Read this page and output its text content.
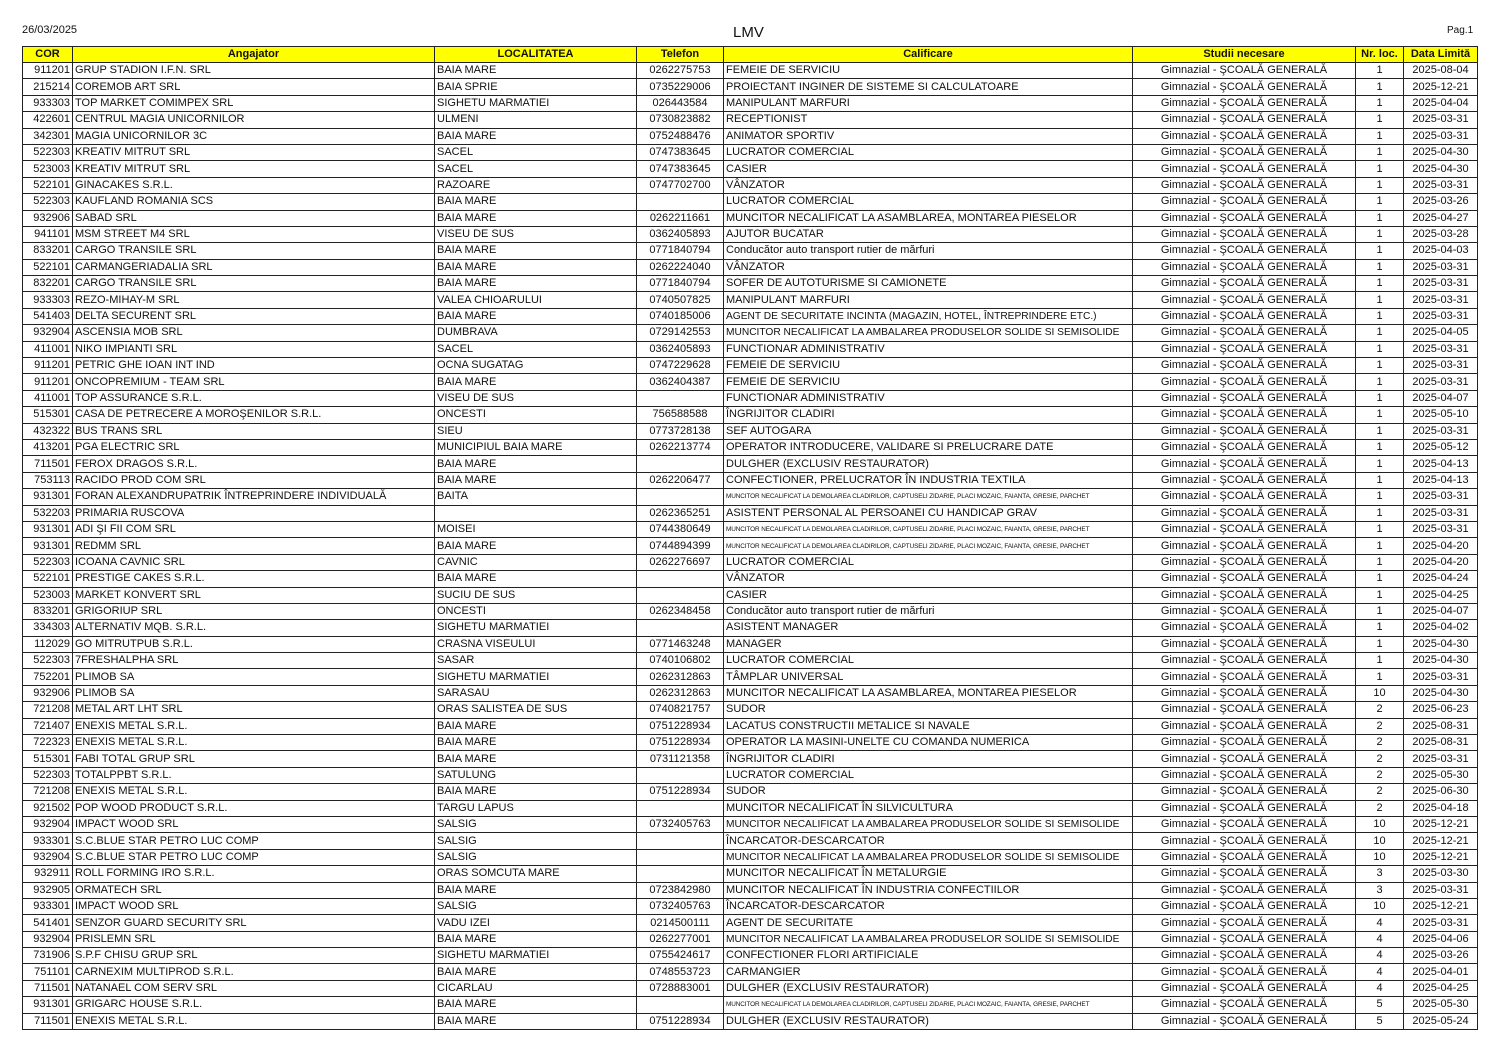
26/03/2025	LMV	Pag.1
COR	Angajator	LOCALITATEA	Telefon	Calificare	Studii necesare	Nr. loc.	Data Limită
911201	GRUP STADION I.F.N. SRL	BAIA MARE	0262275753	FEMEIE DE SERVICIU	Gimnazial - ŞCOALĂ GENERALĂ	1	2025-08-04
215214	COREMOB ART SRL	BAIA SPRIE	0735229006	PROIECTANT INGINER DE SISTEME SI CALCULATOARE	Gimnazial - ŞCOALĂ GENERALĂ	1	2025-12-21
933303	TOP MARKET COMIMPEX SRL	SIGHETU MARMATIEI	026443584	MANIPULANT MARFURI	Gimnazial - ŞCOALĂ GENERALĂ	1	2025-04-04
422601	CENTRUL MAGIA UNICORNILOR	ULMENI	0730823882	RECEPTIONIST	Gimnazial - ŞCOALĂ GENERALĂ	1	2025-03-31
342301	MAGIA UNICORNILOR 3C	BAIA MARE	0752488476	ANIMATOR SPORTIV	Gimnazial - ŞCOALĂ GENERALĂ	1	2025-03-31
522303	KREATIV MITRUT SRL	SACEL	0747383645	LUCRATOR COMERCIAL	Gimnazial - ŞCOALĂ GENERALĂ	1	2025-04-30
523003	KREATIV MITRUT SRL	SACEL	0747383645	CASIER	Gimnazial - ŞCOALĂ GENERALĂ	1	2025-04-30
522101	GINACAKES S.R.L.	RAZOARE	0747702700	VÂNZATOR	Gimnazial - ŞCOALĂ GENERALĂ	1	2025-03-31
522303	KAUFLAND ROMANIA SCS	BAIA MARE		LUCRATOR COMERCIAL	Gimnazial - ŞCOALĂ GENERALĂ	1	2025-03-26
932906	SABAD SRL	BAIA MARE	0262211661	MUNCITOR NECALIFICAT LA ASAMBLAREA, MONTAREA PIESELOR	Gimnazial - ŞCOALĂ GENERALĂ	1	2025-04-27
941101	MSM STREET M4 SRL	VISEU DE SUS	0362405893	AJUTOR BUCATAR	Gimnazial - ŞCOALĂ GENERALĂ	1	2025-03-28
833201	CARGO TRANSILE SRL	BAIA MARE	0771840794	Conducător auto transport rutier de mărfuri	Gimnazial - ŞCOALĂ GENERALĂ	1	2025-04-03
522101	CARMANGERIADALIA SRL	BAIA MARE	0262224040	VÂNZATOR	Gimnazial - ŞCOALĂ GENERALĂ	1	2025-03-31
832201	CARGO TRANSILE SRL	BAIA MARE	0771840794	SOFER DE AUTOTURISME SI CAMIONETE	Gimnazial - ŞCOALĂ GENERALĂ	1	2025-03-31
933303	REZO-MIHAY-M SRL	VALEA CHIOARULUI	0740507825	MANIPULANT MARFURI	Gimnazial - ŞCOALĂ GENERALĂ	1	2025-03-31
541403	DELTA SECURENT SRL	BAIA MARE	0740185006	AGENT DE SECURITATE INCINTA (MAGAZIN, HOTEL, ÎNTREPRINDERE ETC.)	Gimnazial - ŞCOALĂ GENERALĂ	1	2025-03-31
932904	ASCENSIA MOB SRL	DUMBRAVA	0729142553	MUNCITOR NECALIFICAT LA AMBALAREA PRODUSELOR SOLIDE SI SEMISOLIDE	Gimnazial - ŞCOALĂ GENERALĂ	1	2025-04-05
411001	NIKO IMPIANTI SRL	SACEL	0362405893	FUNCTIONAR ADMINISTRATIV	Gimnazial - ŞCOALĂ GENERALĂ	1	2025-03-31
911201	PETRIC GHE IOAN INT IND	OCNA SUGATAG	0747229628	FEMEIE DE SERVICIU	Gimnazial - ŞCOALĂ GENERALĂ	1	2025-03-31
911201	ONCOPREMIUM - TEAM SRL	BAIA MARE	0362404387	FEMEIE DE SERVICIU	Gimnazial - ŞCOALĂ GENERALĂ	1	2025-03-31
411001	TOP ASSURANCE S.R.L.	VISEU DE SUS		FUNCTIONAR ADMINISTRATIV	Gimnazial - ŞCOALĂ GENERALĂ	1	2025-04-07
515301	CASA DE PETRECERE A MOROŞENILOR S.R.L.	ONCESTI	756588588	ÎNGRIJITOR CLADIRI	Gimnazial - ŞCOALĂ GENERALĂ	1	2025-05-10
432322	BUS TRANS SRL	SIEU	0773728138	SEF AUTOGARA	Gimnazial - ŞCOALĂ GENERALĂ	1	2025-03-31
413201	PGA ELECTRIC SRL	MUNICIPIUL BAIA MARE	0262213774	OPERATOR INTRODUCERE, VALIDARE SI PRELUCRARE DATE	Gimnazial - ŞCOALĂ GENERALĂ	1	2025-05-12
711501	FEROX DRAGOS S.R.L.	BAIA MARE		DULGHER (EXCLUSIV RESTAURATOR)	Gimnazial - ŞCOALĂ GENERALĂ	1	2025-04-13
753113	RACIDO PROD COM SRL	BAIA MARE	0262206477	CONFECTIONER, PRELUCRATOR ÎN INDUSTRIA TEXTILA	Gimnazial - ŞCOALĂ GENERALĂ	1	2025-04-13
931301	FORAN ALEXANDRUPATRIK ÎNTREPRINDERE INDIVIDUALĂ	BAITA		MUNCITOR NECALIFICAT LA DEMOLAREA CLADIRILOR, CAPTUSELI ZIDARIE, PLACI MOZAIC, FAIANTA, GRESIE, PARCHET	Gimnazial - ŞCOALĂ GENERALĂ	1	2025-03-31
532203	PRIMARIA RUSCOVA		0262365251	ASISTENT PERSONAL AL PERSOANEI CU HANDICAP GRAV	Gimnazial - ŞCOALĂ GENERALĂ	1	2025-03-31
931301	ADI ŞI FII COM SRL	MOISEI	0744380649	MUNCITOR NECALIFICAT LA DEMOLAREA CLADIRILOR, CAPTUSELI ZIDARIE, PLACI MOZAIC, FAIANTA, GRESIE, PARCHET	Gimnazial - ŞCOALĂ GENERALĂ	1	2025-03-31
931301	REDMM SRL	BAIA MARE	0744894399	MUNCITOR NECALIFICAT LA DEMOLAREA CLADIRILOR, CAPTUSELI ZIDARIE, PLACI MOZAIC, FAIANTA, GRESIE, PARCHET	Gimnazial - ŞCOALĂ GENERALĂ	1	2025-04-20
522303	ICOANA CAVNIC SRL	CAVNIC	0262276697	LUCRATOR COMERCIAL	Gimnazial - ŞCOALĂ GENERALĂ	1	2025-04-20
522101	PRESTIGE CAKES S.R.L.	BAIA MARE		VÂNZATOR	Gimnazial - ŞCOALĂ GENERALĂ	1	2025-04-24
523003	MARKET KONVERT SRL	SUCIU DE SUS		CASIER	Gimnazial - ŞCOALĂ GENERALĂ	1	2025-04-25
833201	GRIGORIUP SRL	ONCESTI	0262348458	Conducător auto transport rutier de mărfuri	Gimnazial - ŞCOALĂ GENERALĂ	1	2025-04-07
334303	ALTERNATIV MQB. S.R.L.	SIGHETU MARMATIEI		ASISTENT MANAGER	Gimnazial - ŞCOALĂ GENERALĂ	1	2025-04-02
112029	GO MITRUTPUB S.R.L.	CRASNA VISEULUI	0771463248	MANAGER	Gimnazial - ŞCOALĂ GENERALĂ	1	2025-04-30
522303	7FRESHALPHA SRL	SASAR	0740106802	LUCRATOR COMERCIAL	Gimnazial - ŞCOALĂ GENERALĂ	1	2025-04-30
752201	PLIMOB SA	SIGHETU MARMATIEI	0262312863	TÂMPLAR UNIVERSAL	Gimnazial - ŞCOALĂ GENERALĂ	1	2025-03-31
932906	PLIMOB SA	SARASAU	0262312863	MUNCITOR NECALIFICAT LA ASAMBLAREA, MONTAREA PIESELOR	Gimnazial - ŞCOALĂ GENERALĂ	10	2025-04-30
721208	METAL ART LHT SRL	ORAS SALISTEA DE SUS	0740821757	SUDOR	Gimnazial - ŞCOALĂ GENERALĂ	2	2025-06-23
721407	ENEXIS METAL S.R.L.	BAIA MARE	0751228934	LACATUS CONSTRUCTII METALICE SI NAVALE	Gimnazial - ŞCOALĂ GENERALĂ	2	2025-08-31
722323	ENEXIS METAL S.R.L.	BAIA MARE	0751228934	OPERATOR LA MASINI-UNELTE CU COMANDA NUMERICA	Gimnazial - ŞCOALĂ GENERALĂ	2	2025-08-31
515301	FABI TOTAL GRUP SRL	BAIA MARE	0731121358	ÎNGRIJITOR CLADIRI	Gimnazial - ŞCOALĂ GENERALĂ	2	2025-03-31
522303	TOTALPPBT S.R.L.	SATULUNG		LUCRATOR COMERCIAL	Gimnazial - ŞCOALĂ GENERALĂ	2	2025-05-30
721208	ENEXIS METAL S.R.L.	BAIA MARE	0751228934	SUDOR	Gimnazial - ŞCOALĂ GENERALĂ	2	2025-06-30
921502	POP WOOD PRODUCT S.R.L.	TARGU LAPUS		MUNCITOR NECALIFICAT ÎN SILVICULTURA	Gimnazial - ŞCOALĂ GENERALĂ	2	2025-04-18
932904	IMPACT WOOD SRL	SALSIG	0732405763	MUNCITOR NECALIFICAT LA AMBALAREA PRODUSELOR SOLIDE SI SEMISOLIDE	Gimnazial - ŞCOALĂ GENERALĂ	10	2025-12-21
933301	S.C.BLUE STAR PETRO LUC COMP	SALSIG		ÎNCARCATOR-DESCARCATOR	Gimnazial - ŞCOALĂ GENERALĂ	10	2025-12-21
932904	S.C.BLUE STAR PETRO LUC COMP	SALSIG		MUNCITOR NECALIFICAT LA AMBALAREA PRODUSELOR SOLIDE SI SEMISOLIDE	Gimnazial - ŞCOALĂ GENERALĂ	10	2025-12-21
932911	ROLL FORMING IRO S.R.L.	ORAS SOMCUTA MARE		MUNCITOR NECALIFICAT ÎN METALURGIE	Gimnazial - ŞCOALĂ GENERALĂ	3	2025-03-30
932905	ORMATECH SRL	BAIA MARE	0723842980	MUNCITOR NECALIFICAT ÎN INDUSTRIA CONFECTIILOR	Gimnazial - ŞCOALĂ GENERALĂ	3	2025-03-31
933301	IMPACT WOOD SRL	SALSIG	0732405763	ÎNCARCATOR-DESCARCATOR	Gimnazial - ŞCOALĂ GENERALĂ	10	2025-12-21
541401	SENZOR GUARD SECURITY SRL	VADU IZEI	0214500111	AGENT DE SECURITATE	Gimnazial - ŞCOALĂ GENERALĂ	4	2025-03-31
932904	PRISLEMN SRL	BAIA MARE	0262277001	MUNCITOR NECALIFICAT LA AMBALAREA PRODUSELOR SOLIDE SI SEMISOLIDE	Gimnazial - ŞCOALĂ GENERALĂ	4	2025-04-06
731906	S.P.F CHISU GRUP SRL	SIGHETU MARMATIEI	0755424617	CONFECTIONER FLORI ARTIFICIALE	Gimnazial - ŞCOALĂ GENERALĂ	4	2025-03-26
751101	CARNEXIM MULTIPROD S.R.L.	BAIA MARE	0748553723	CARMANGIER	Gimnazial - ŞCOALĂ GENERALĂ	4	2025-04-01
711501	NATANAEL COM SERV SRL	CICARLAU	0728883001	DULGHER (EXCLUSIV RESTAURATOR)	Gimnazial - ŞCOALĂ GENERALĂ	4	2025-04-25
931301	GRIGARC HOUSE S.R.L.	BAIA MARE		MUNCITOR NECALIFICAT LA DEMOLAREA CLADIRILOR, CAPTUSELI ZIDARIE, PLACI MOZAIC, FAIANTA, GRESIE, PARCHET	Gimnazial - ŞCOALĂ GENERALĂ	5	2025-05-30
711501	ENEXIS METAL S.R.L.	BAIA MARE	0751228934	DULGHER (EXCLUSIV RESTAURATOR)	Gimnazial - ŞCOALĂ GENERALĂ	5	2025-05-24
